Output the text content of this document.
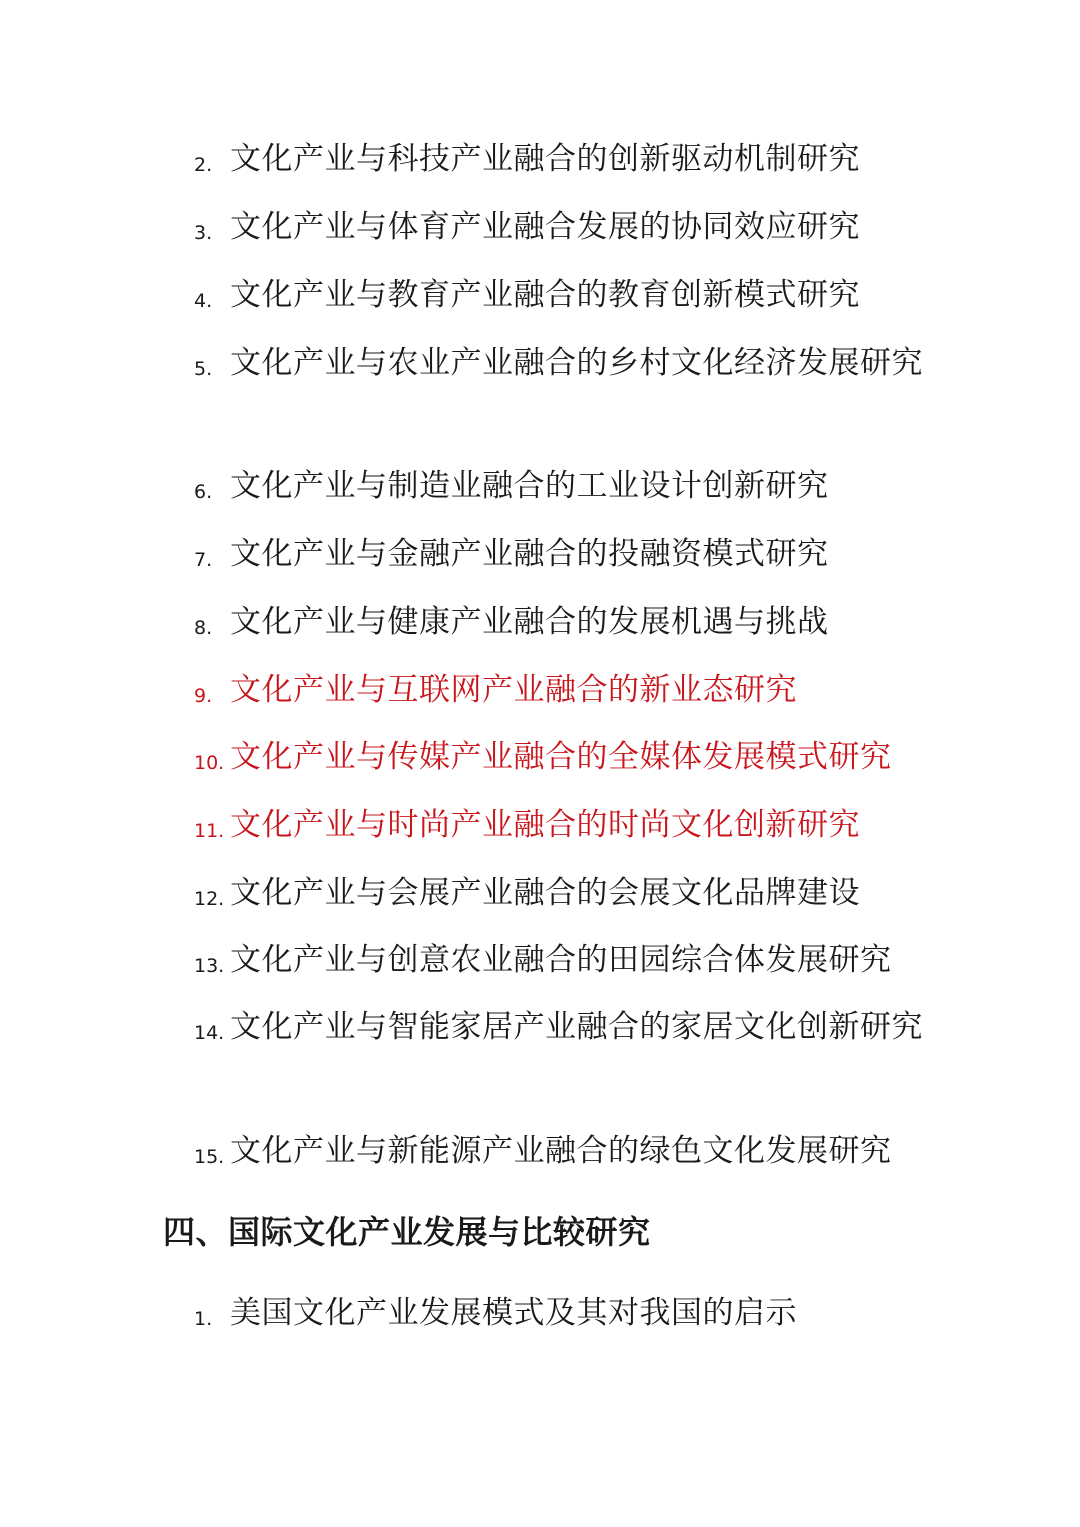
2. 文化产业与科技产业融合的创新驱动机制研究
3. 文化产业与体育产业融合发展的协同效应研究
4. 文化产业与教育产业融合的教育创新模式研究
5. 文化产业与农业产业融合的乡村文化经济发展研究
6. 文化产业与制造业融合的工业设计创新研究
7. 文化产业与金融产业融合的投融资模式研究
8. 文化产业与健康产业融合的发展机遇与挑战
9. 文化产业与互联网产业融合的新业态研究
10. 文化产业与传媒产业融合的全媒体发展模式研究
11. 文化产业与时尚产业融合的时尚文化创新研究
12. 文化产业与会展产业融合的会展文化品牌建设
13. 文化产业与创意农业融合的田园综合体发展研究
14. 文化产业与智能家居产业融合的家居文化创新研究
15. 文化产业与新能源产业融合的绿色文化发展研究
四、国际文化产业发展与比较研究
1. 美国文化产业发展模式及其对我国的启示
